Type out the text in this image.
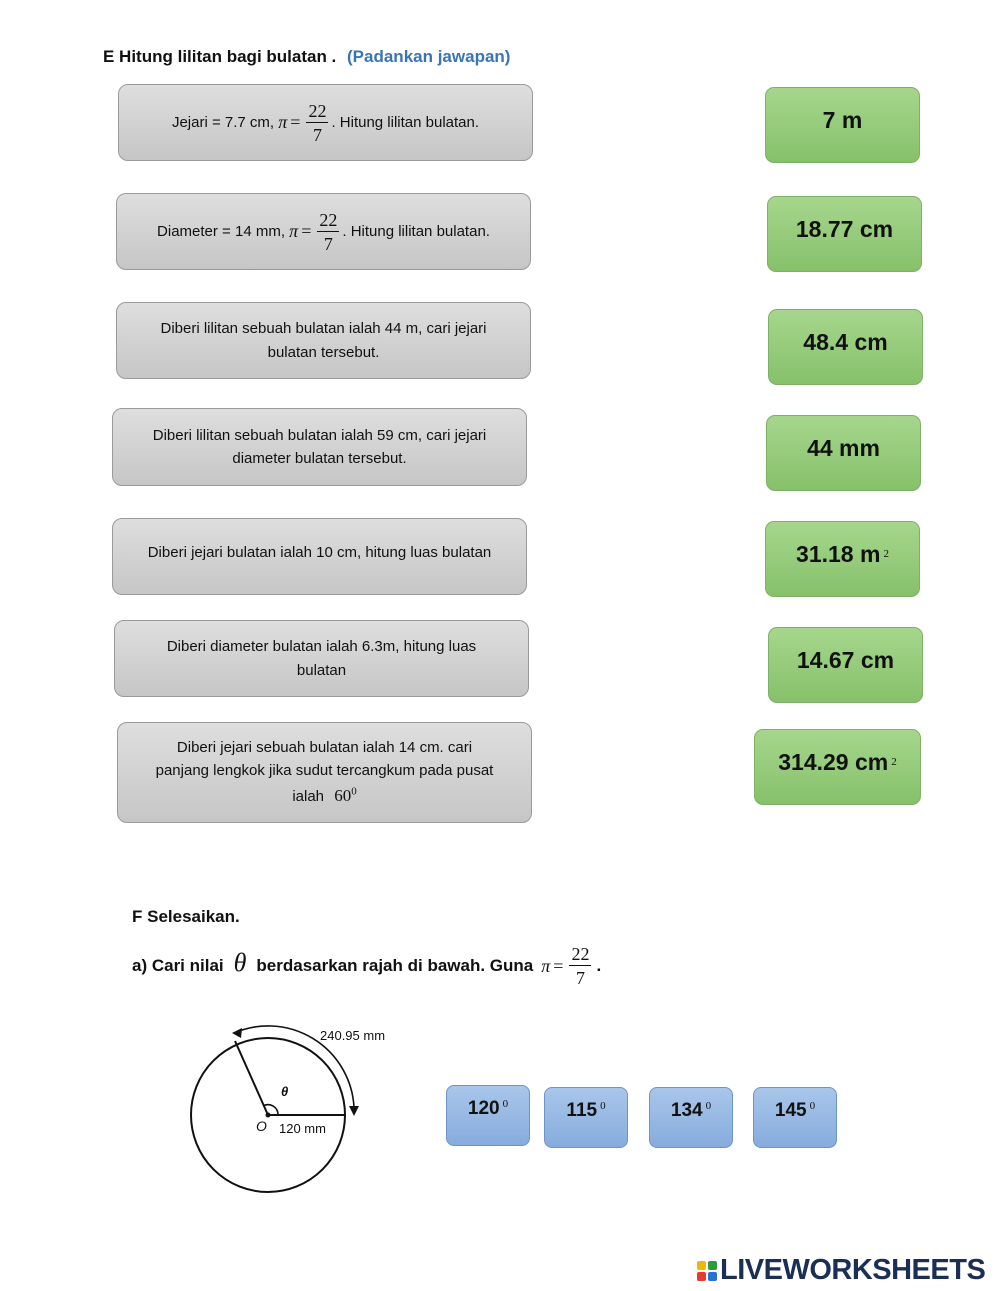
E Hitung lilitan bagi bulatan . (Padankan jawapan)
Jejari = 7.7 cm,
$\pi = \frac{22}{7}$ . Hitung lilitan bulatan.
Diameter = 14 mm,
$\pi = \frac{22}{7}$ . Hitung lilitan bulatan.
Diberi lilitan sebuah bulatan ialah 44 m, cari jejari bulatan tersebut.
Diberi lilitan sebuah bulatan ialah 59 cm, cari jejari diameter bulatan tersebut.
Diberi jejari bulatan ialah 10 cm, hitung luas bulatan
Diberi diameter bulatan ialah 6.3m, hitung luas bulatan
Diberi jejari sebuah bulatan ialah 14 cm. cari
panjang lengkok jika sudut tercangkum pada pusat
ialah $60^0$
7 m
18.77 cm
48.4 cm
44 mm
31.18 m 2
14.67 cm
314.29 cm 2
F Selesaikan.
a) Cari nilai θ berdasarkan rajah di bawah. Guna $\pi = \frac{22}{7}$ .
240.95 mm
θ
O 120 mm
120 $^0$	115 $^0$	134 $^0$	145 $^0$
LIVEWORKSHEETS
